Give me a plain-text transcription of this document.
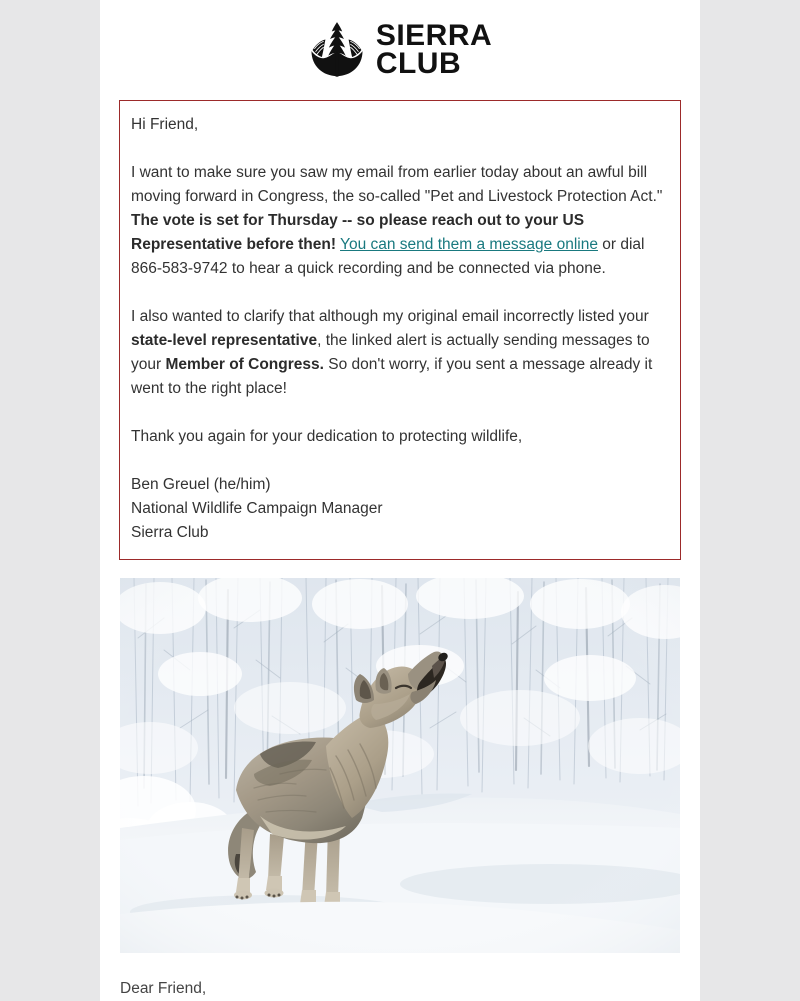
SIERRA
CLUB

Hi Friend,

I want to make sure you saw my email from earlier today about an awful bill moving forward in Congress, the so-called "Pet and Livestock Protection Act." The vote is set for Thursday -- so please reach out to your US Representative before then! You can send them a message online or dial 866-583-9742 to hear a quick recording and be connected via phone.

I also wanted to clarify that although my original email incorrectly listed your state-level representative, the linked alert is actually sending messages to your Member of Congress. So don't worry, if you sent a message already it went to the right place!

Thank you again for your dedication to protecting wildlife,

Ben Greuel (he/him)

National Wildlife Campaign Manager

Sierra Club

Dear Friend,
